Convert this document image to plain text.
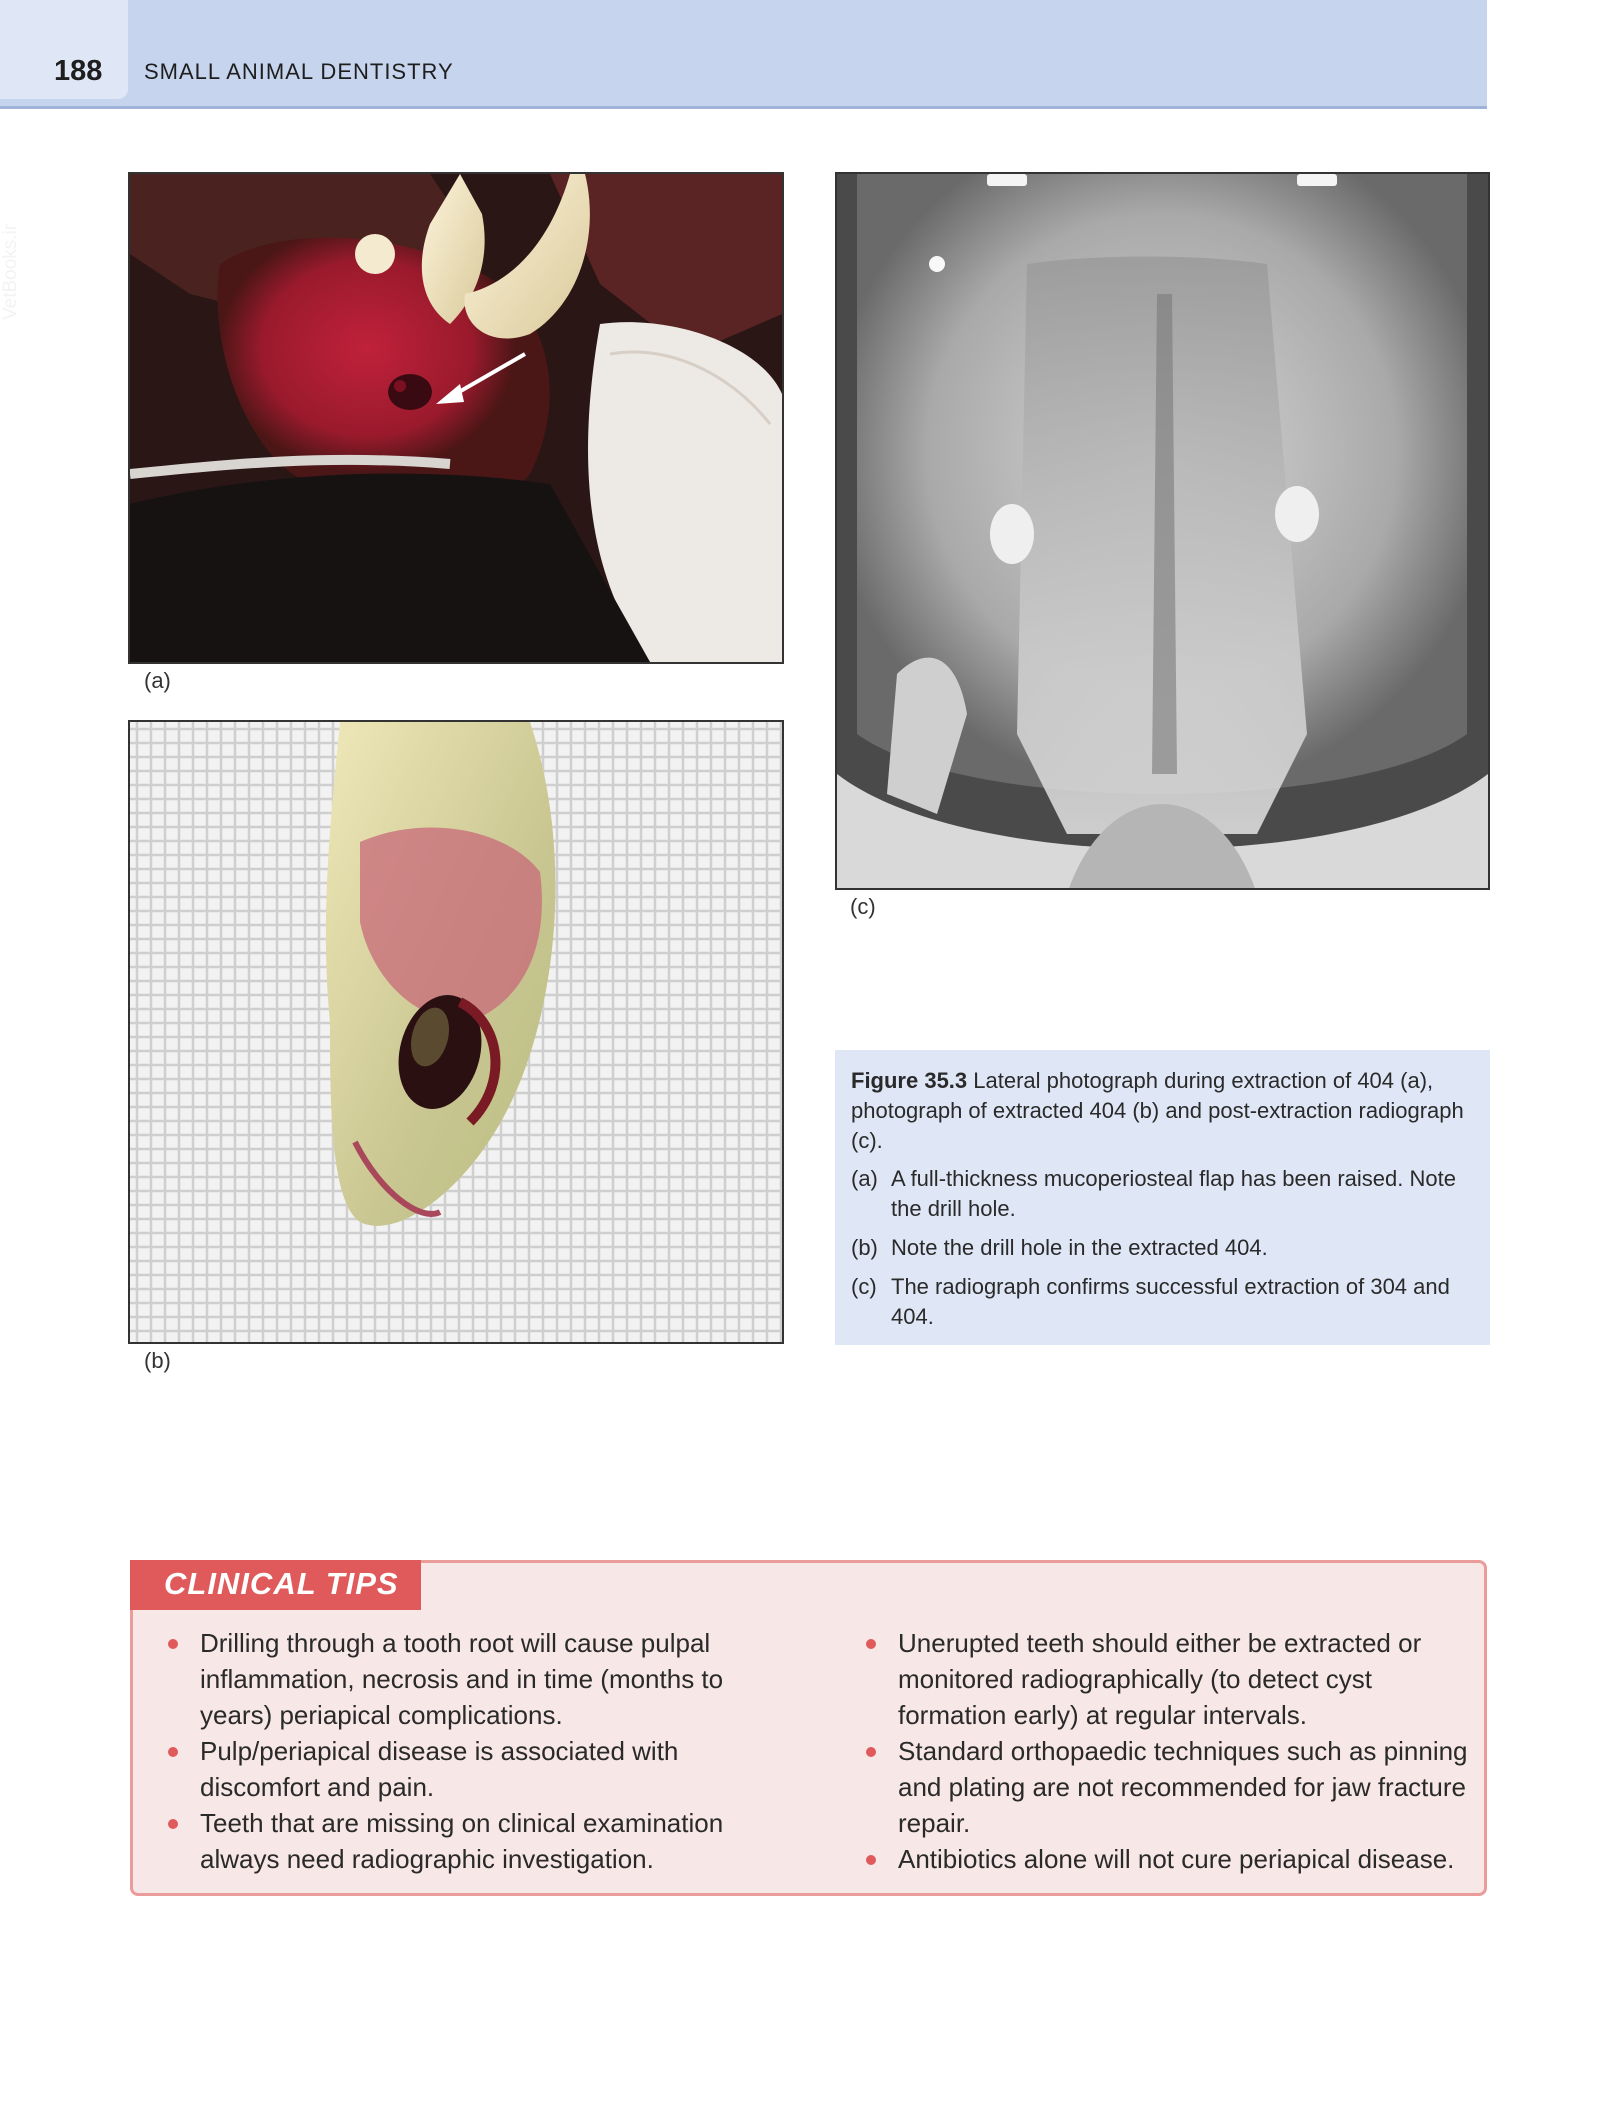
188 SMALL ANIMAL DENTISTRY
VetBooks.ir
(a)
(b)
(c)

Figure 35.3 Lateral photograph during extraction of 404 (a), photograph of extracted 404 (b) and post-extraction radiograph (c).

(a) A full-thickness mucoperiosteal flap has been raised. Note the drill hole.
(b) Note the drill hole in the extracted 404.
(c) The radiograph confirms successful extraction of 304 and 404.
CLINICAL TIPS
Drilling through a tooth root will cause pulpal inflammation, necrosis and in time (months to years) periapical complications.
Pulp/periapical disease is associated with discomfort and pain.
Teeth that are missing on clinical examination always need radiographic investigation.
Unerupted teeth should either be extracted or monitored radiographically (to detect cyst formation early) at regular intervals.
Standard orthopaedic techniques such as pinning and plating are not recommended for jaw fracture repair.
Antibiotics alone will not cure periapical disease.
